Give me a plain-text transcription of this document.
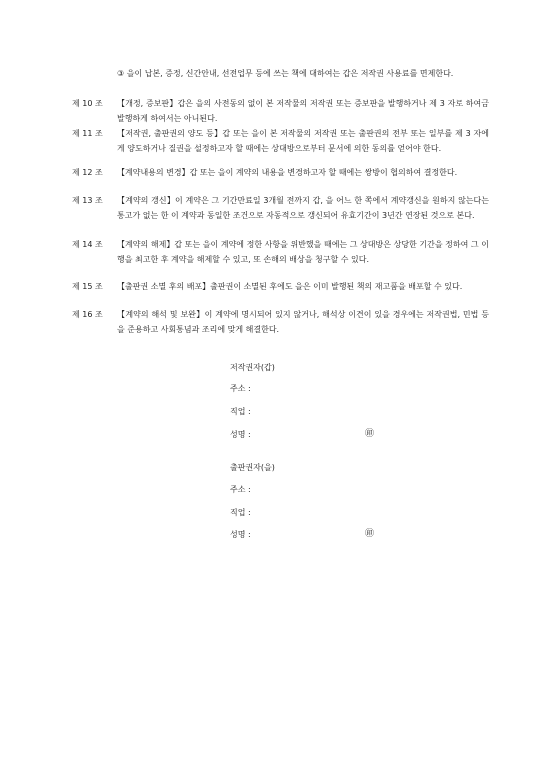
③ 을이 납본, 증정, 신간안내, 선전업무 등에 쓰는 책에 대하여는 갑은 저작권 사용료를 면제한다.
제 10 조	【개정, 증보판】갑은 을의 사전동의 없이 본 저작물의 저작권 또는 증보판을 발행하거나 제 3 자로 하여금 발행하게 하여서는 아니된다.
제 11 조	【저작권, 출판권의 양도 등】갑 또는 을이 본 저작물의 저작권 또는 출판권의 전부 또는 일부를 제 3 자에게 양도하거나 질권을 설정하고자 할 때에는 상대방으로부터 문서에 의한 동의를 얻어야 한다.
제 12 조	【계약내용의 변경】갑 또는 을이 계약의 내용을 변경하고자 할 때에는 쌍방이 협의하여 결정한다.
제 13 조	【계약의 갱신】이 계약은 그 기간만료일 3개월 전까지 갑, 을 어느 한 쪽에서 계약갱신을 원하지 않는다는 통고가 없는 한 이 계약과 동일한 조건으로 자동적으로 갱신되어 유효기간이 3년간 연장된 것으로 본다.
제 14 조	【계약의 해제】갑 또는 을이 계약에 정한 사항을 위반했을 때에는 그 상대방은 상당한 기간을 정하여 그 이행을 최고한 후 계약을 해제할 수 있고, 또 손해의 배상을 청구할 수 있다.
제 15 조	【출판권 소멸 후의 배포】출판권이 소멸된 후에도 을은 이미 발행된 책의 재고품을 배포할 수 있다.
제 16 조	【계약의 해석 및 보완】이 계약에 명시되어 있지 않거나, 해석상 이견이 있을 경우에는 저작권법, 민법 등을 준용하고 사회통념과 조리에 맞게 해결한다.
저작권자(갑)
주소 :
직업 :
성명 :	㊞
출판권자(을)
주소 :
직업 :
성명 :	㊞
